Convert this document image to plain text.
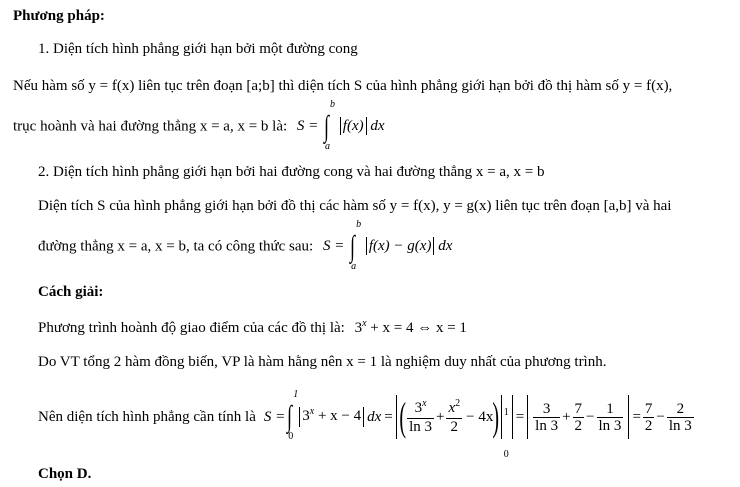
Phương pháp:
1. Diện tích hình phẳng giới hạn bởi một đường cong
Nếu hàm số y = f(x) liên tục trên đoạn [a;b] thì diện tích S của hình phẳng giới hạn bởi đồ thị hàm số y = f(x),
trục hoành và hai đường thẳng x = a, x = b là: S = ∫
b
a
f(x) dx
2. Diện tích hình phẳng giới hạn bởi hai đường cong và hai đường thẳng x = a, x = b
Diện tích S của hình phẳng giới hạn bởi đồ thị các hàm số y = f(x), y = g(x) liên tục trên đoạn [a,b] và hai
đường thẳng x = a, x = b, ta có công thức sau: S = ∫
b
a
f(x) − g(x) dx
Cách giải:
Phương trình hoành độ giao điểm của các đồ thị là: $3^x + x = 4$ ⇔ x = 1
Do VT tổng 2 hàm đồng biến, VP là hàm hằng nên x = 1 là nghiệm duy nhất của phương trình.
Nên diện tích hình phẳng cần tính là S = ∫
1
0
$3^x + x - 4$ dx = ( $\frac{3^x}{\ln 3} + \frac{x^2}{2} - 4x$ ) 1
0
= $\frac{3}{\ln 3} + \frac{7}{2} - \frac{1}{\ln 3} = \frac{7}{2} - \frac{2}{\ln 3}$
Chọn D.
